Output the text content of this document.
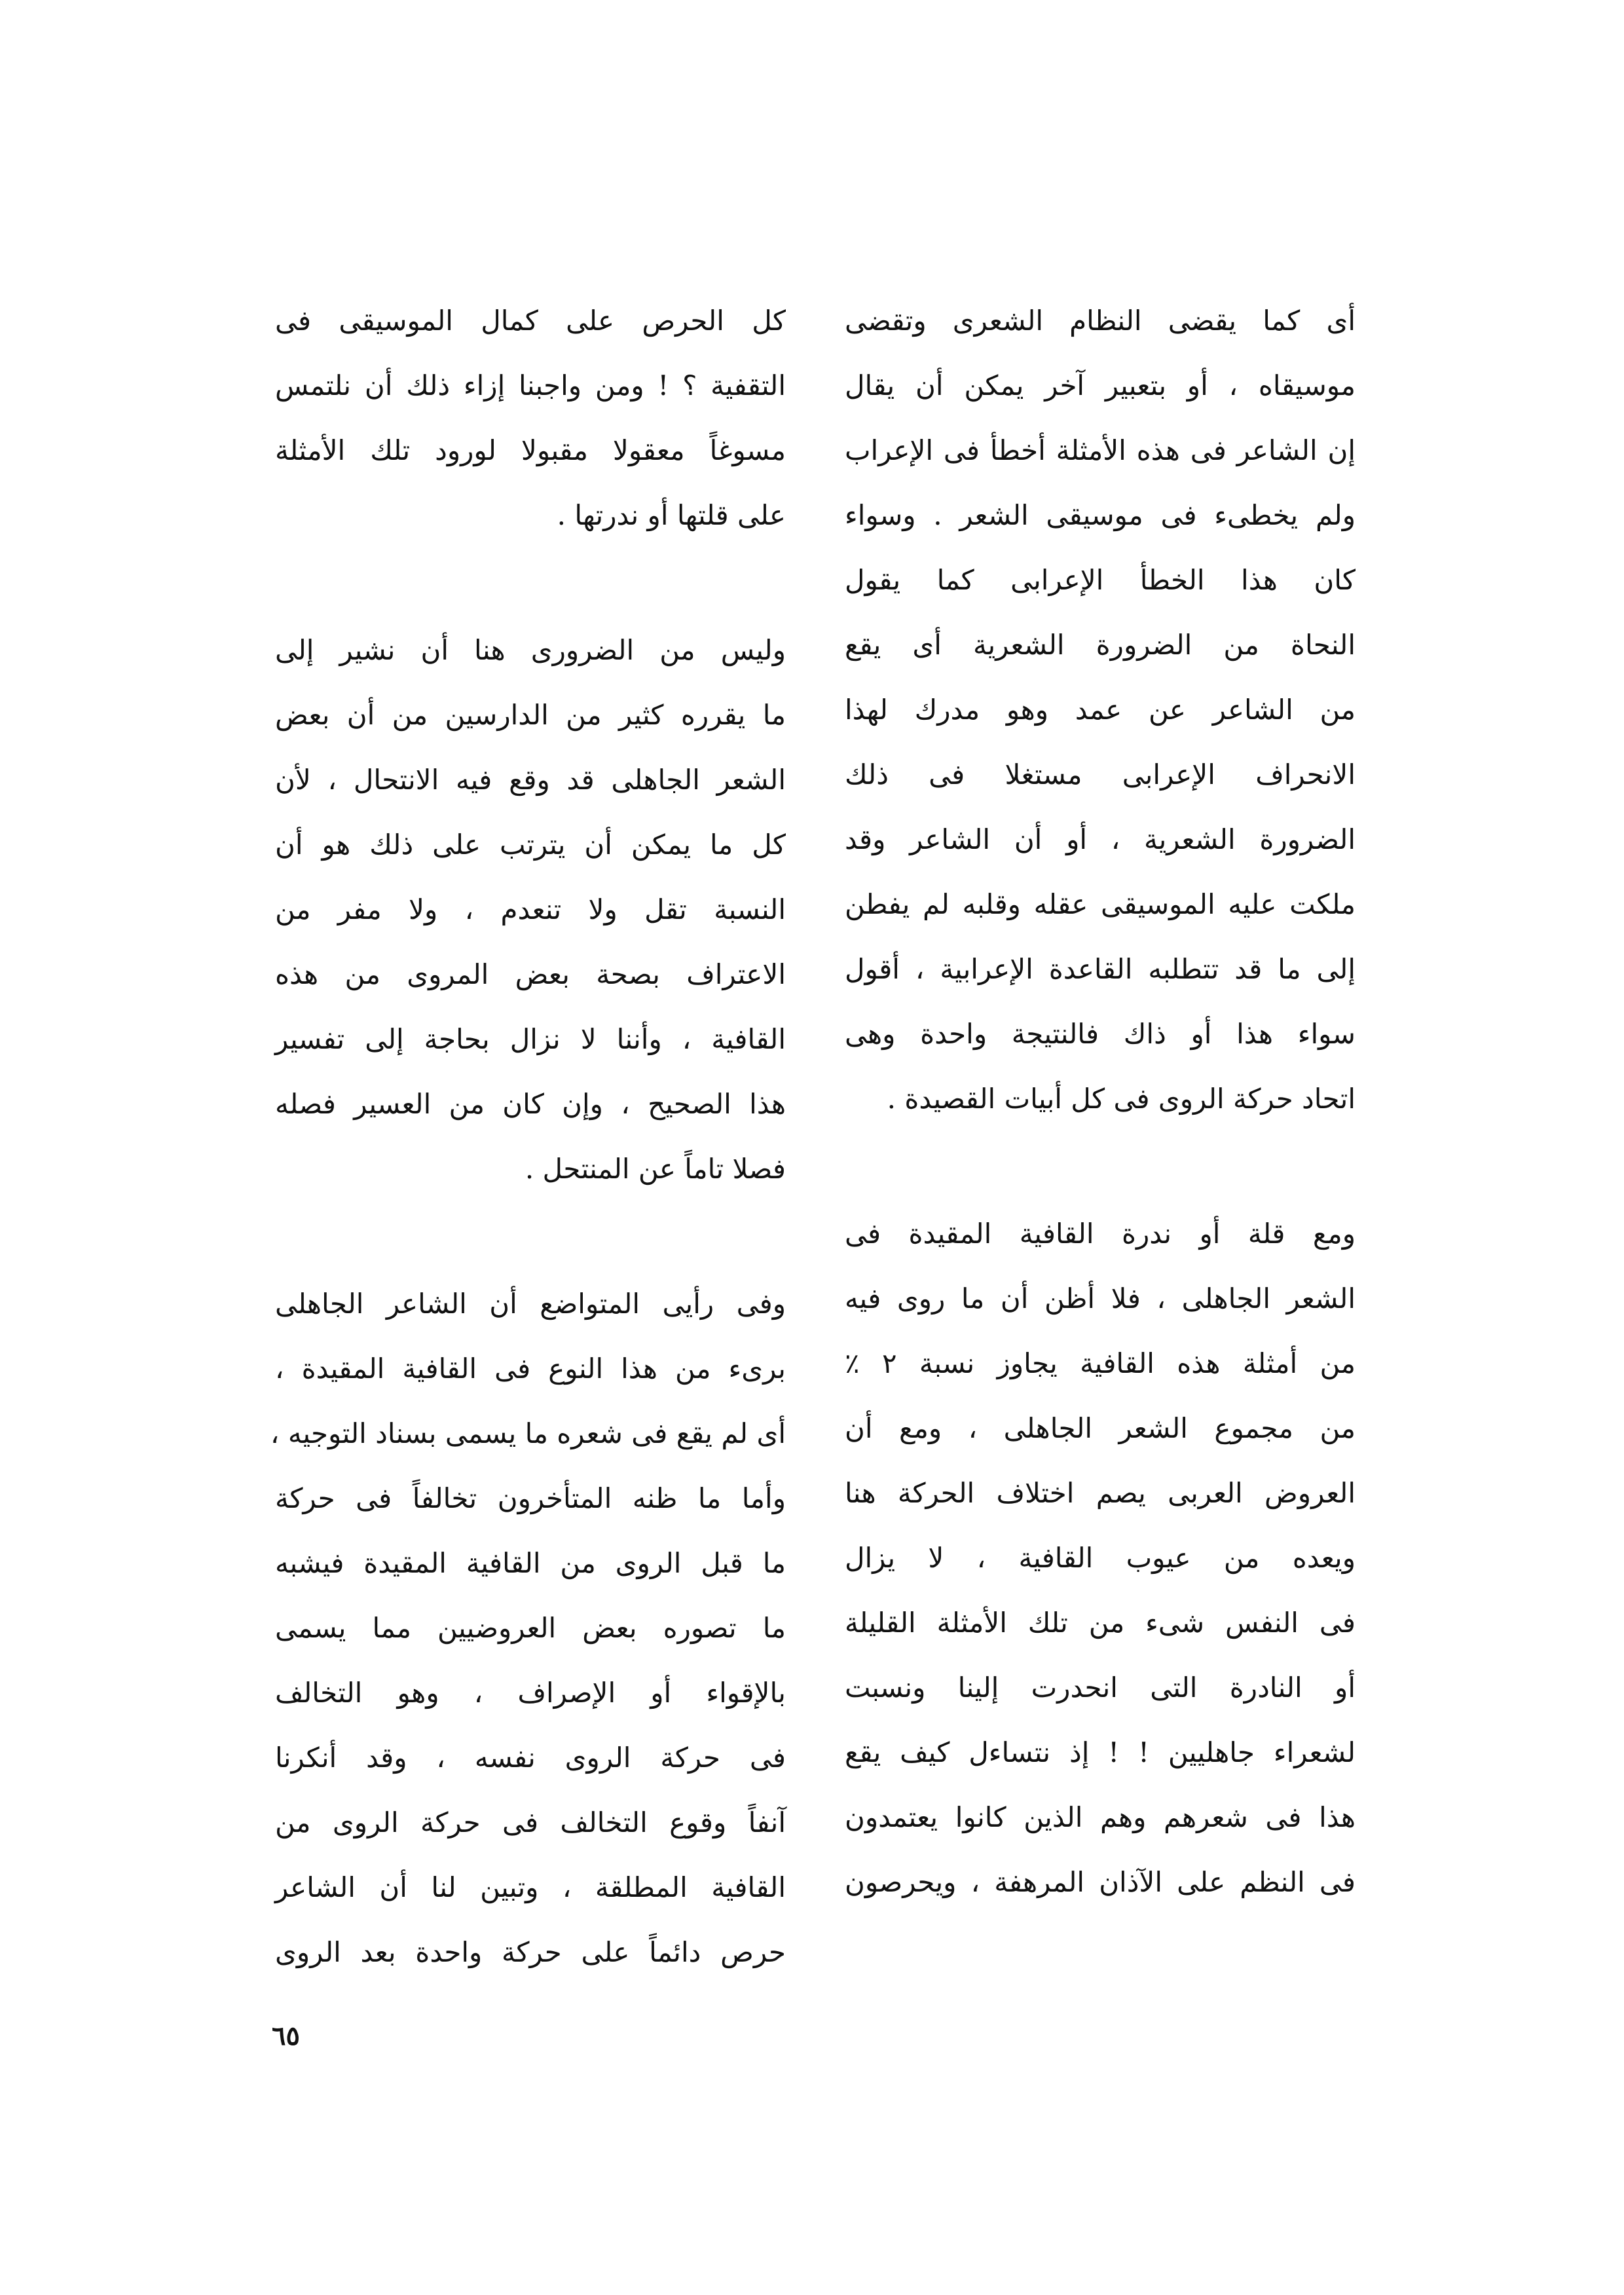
أى كما يقضى النظام الشعرى وتقضى
موسيقاه ، أو بتعبير آخر يمكن أن يقال
إن الشاعر فى هذه الأمثلة أخطأ فى الإعراب
ولم يخطىء فى موسيقى الشعر . وسواء
كان هذا الخطأ الإعرابى كما يقول
النحاة من الضرورة الشعرية أى يقع
من الشاعر عن عمد وهو مدرك لهذا
الانحراف الإعرابى مستغلا فى ذلك
الضرورة الشعرية ، أو أن الشاعر وقد
ملكت عليه الموسيقى عقله وقلبه لم يفطن
إلى ما قد تتطلبه القاعدة الإعرابية ، أقول
سواء هذا أو ذاك فالنتيجة واحدة وهى
اتحاد حركة الروى فى كل أبيات القصيدة .

ومع قلة أو ندرة القافية المقيدة فى
الشعر الجاهلى ، فلا أظن أن ما روى فيه
من أمثلة هذه القافية يجاوز نسبة ٢ ٪
من مجموع الشعر الجاهلى ، ومع أن
العروض العربى يصم اختلاف الحركة هنا
ويعده من عيوب القافية ، لا يزال
فى النفس شىء من تلك الأمثلة القليلة
أو النادرة التى انحدرت إلينا ونسبت
لشعراء جاهليين ! ! إذ نتساءل كيف يقع
هذا فى شعرهم وهم الذين كانوا يعتمدون
فى النظم على الآذان المرهفة ، ويحرصون

كل الحرص على كمال الموسيقى فى
التقفية ؟ ! ومن واجبنا إزاء ذلك أن نلتمس
مسوغاً معقولا مقبولا لورود تلك الأمثلة
على قلتها أو ندرتها .

وليس من الضرورى هنا أن نشير إلى
ما يقرره كثير من الدارسين من أن بعض
الشعر الجاهلى قد وقع فيه الانتحال ، لأن
كل ما يمكن أن يترتب على ذلك هو أن
النسبة تقل ولا تنعدم ، ولا مفر من
الاعتراف بصحة بعض المروى من هذه
القافية ، وأننا لا نزال بحاجة إلى تفسير
هذا الصحيح ، وإن كان من العسير فصله
فصلا تاماً عن المنتحل .

وفى رأيى المتواضع أن الشاعر الجاهلى
برىء من هذا النوع فى القافية المقيدة ،
أى لم يقع فى شعره ما يسمى بسناد التوجيه ،
وأما ما ظنه المتأخرون تخالفاً فى حركة
ما قبل الروى من القافية المقيدة فيشبه
ما تصوره بعض العروضيين مما يسمى
بالإقواء أو الإصراف ، وهو التخالف
فى حركة الروى نفسه ، وقد أنكرنا
آنفاً وقوع التخالف فى حركة الروى من
القافية المطلقة ، وتبين لنا أن الشاعر
حرص دائماً على حركة واحدة بعد الروى

٦٥
